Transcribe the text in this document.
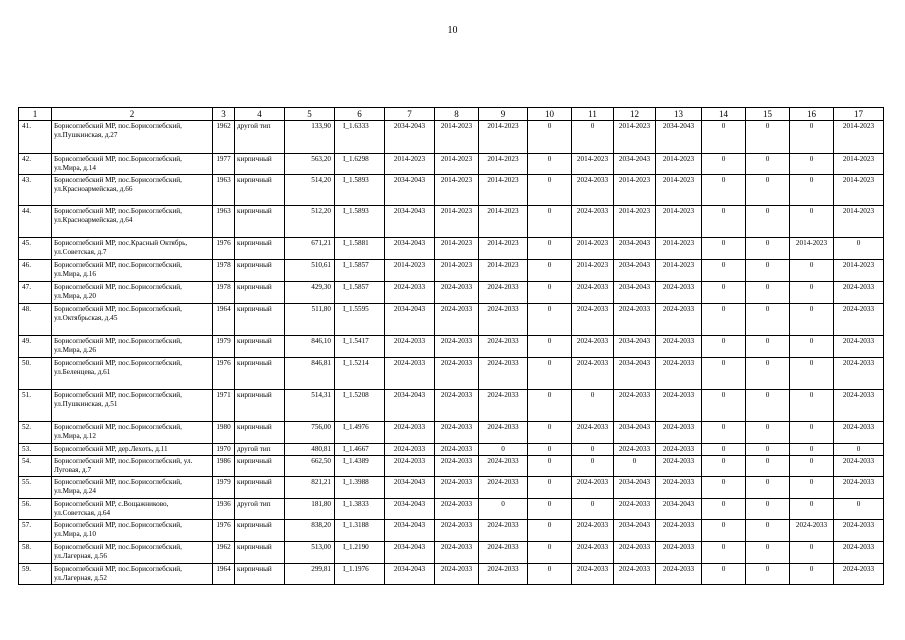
10
1	2	3	4	5	6	7	8	9	10	11	12	13	14	15	16	17
41.	Борисоглебский МР, пос.Борисоглебский, ул.Пушкинская, д.27	1962	другой тип	133,90	I_1.6333	2034-2043	2014-2023	2014-2023	0	0	2014-2023	2034-2043	0	0	0	2014-2023
42.	Борисоглебский МР, пос.Борисоглебский, ул.Мира, д.14	1977	кирпичный	563,20	I_1.6298	2014-2023	2014-2023	2014-2023	0	2014-2023	2034-2043	2014-2023	0	0	0	2014-2023
43.	Борисоглебский МР, пос.Борисоглебский, ул.Красноармейская, д.66	1963	кирпичный	514,20	I_1.5893	2034-2043	2014-2023	2014-2023	0	2024-2033	2014-2023	2014-2023	0	0	0	2014-2023
44.	Борисоглебский МР, пос.Борисоглебский, ул.Красноармейская, д.64	1963	кирпичный	512,20	I_1.5893	2034-2043	2014-2023	2014-2023	0	2024-2033	2014-2023	2014-2023	0	0	0	2014-2023
45.	Борисоглебский МР, пос.Красный Октябрь, ул.Советская, д.7	1976	кирпичный	671,21	I_1.5881	2034-2043	2014-2023	2014-2023	0	2014-2023	2034-2043	2014-2023	0	0	2014-2023	0
46.	Борисоглебский МР, пос.Борисоглебский, ул.Мира, д.16	1978	кирпичный	510,61	I_1.5857	2014-2023	2014-2023	2014-2023	0	2014-2023	2034-2043	2014-2023	0	0	0	2014-2023
47.	Борисоглебский МР, пос.Борисоглебский, ул.Мира, д.20	1978	кирпичный	429,30	I_1.5857	2024-2033	2024-2033	2024-2033	0	2024-2033	2034-2043	2024-2033	0	0	0	2024-2033
48.	Борисоглебский МР, пос.Борисоглебский, ул.Октябрьская, д.45	1964	кирпичный	511,80	I_1.5595	2034-2043	2024-2033	2024-2033	0	2024-2033	2024-2033	2024-2033	0	0	0	2024-2033
49.	Борисоглебский МР, пос.Борисоглебский, ул.Мира, д.26	1979	кирпичный	846,10	I_1.5417	2024-2033	2024-2033	2024-2033	0	2024-2033	2034-2043	2024-2033	0	0	0	2024-2033
50.	Борисоглебский МР, пос.Борисоглебский, ул.Беленцева, д.61	1976	кирпичный	846,81	I_1.5214	2024-2033	2024-2033	2024-2033	0	2024-2033	2034-2043	2024-2033	0	0	0	2024-2033
51.	Борисоглебский МР, пос.Борисоглебский, ул.Пушкинская, д.51	1971	кирпичный	514,31	I_1.5208	2034-2043	2024-2033	2024-2033	0	0	2024-2033	2024-2033	0	0	0	2024-2033
52.	Борисоглебский МР, пос.Борисоглебский, ул.Мира, д.12	1980	кирпичный	756,00	I_1.4976	2024-2033	2024-2033	2024-2033	0	2024-2033	2034-2043	2024-2033	0	0	0	2024-2033
53.	Борисоглебский МР, дер.Лехоть, д.11	1970	другой тип	480,81	I_1.4667	2024-2033	2024-2033	0	0	0	2024-2033	2024-2033	0	0	0	0
54.	Борисоглебский МР, пос.Борисоглебский, ул. Луговая, д.7	1986	кирпичный	662,50	I_1.4389	2024-2033	2024-2033	2024-2033	0	0	0	2024-2033	0	0	0	2024-2033
55.	Борисоглебский МР, пос.Борисоглебский, ул.Мира, д.24	1979	кирпичный	821,21	I_1.3988	2034-2043	2024-2033	2024-2033	0	2024-2033	2034-2043	2024-2033	0	0	0	2024-2033
56.	Борисоглебский МР, с.Вощажниково, ул.Советская, д.64	1936	другой тип	181,80	I_1.3833	2034-2043	2024-2033	0	0	0	2024-2033	2034-2043	0	0	0	0
57.	Борисоглебский МР, пос.Борисоглебский, ул.Мира, д.10	1976	кирпичный	838,20	I_1.3188	2034-2043	2024-2033	2024-2033	0	2024-2033	2034-2043	2024-2033	0	0	2024-2033	2024-2033
58.	Борисоглебский МР, пос.Борисоглебский, ул.Лагерная, д.56	1962	кирпичный	513,00	I_1.2190	2034-2043	2024-2033	2024-2033	0	2024-2033	2024-2033	2024-2033	0	0	0	2024-2033
59.	Борисоглебский МР, пос.Борисоглебский, ул.Лагерная, д.52	1964	кирпичный	299,81	I_1.1976	2034-2043	2024-2033	2024-2033	0	2024-2033	2024-2033	2024-2033	0	0	0	2024-2033
